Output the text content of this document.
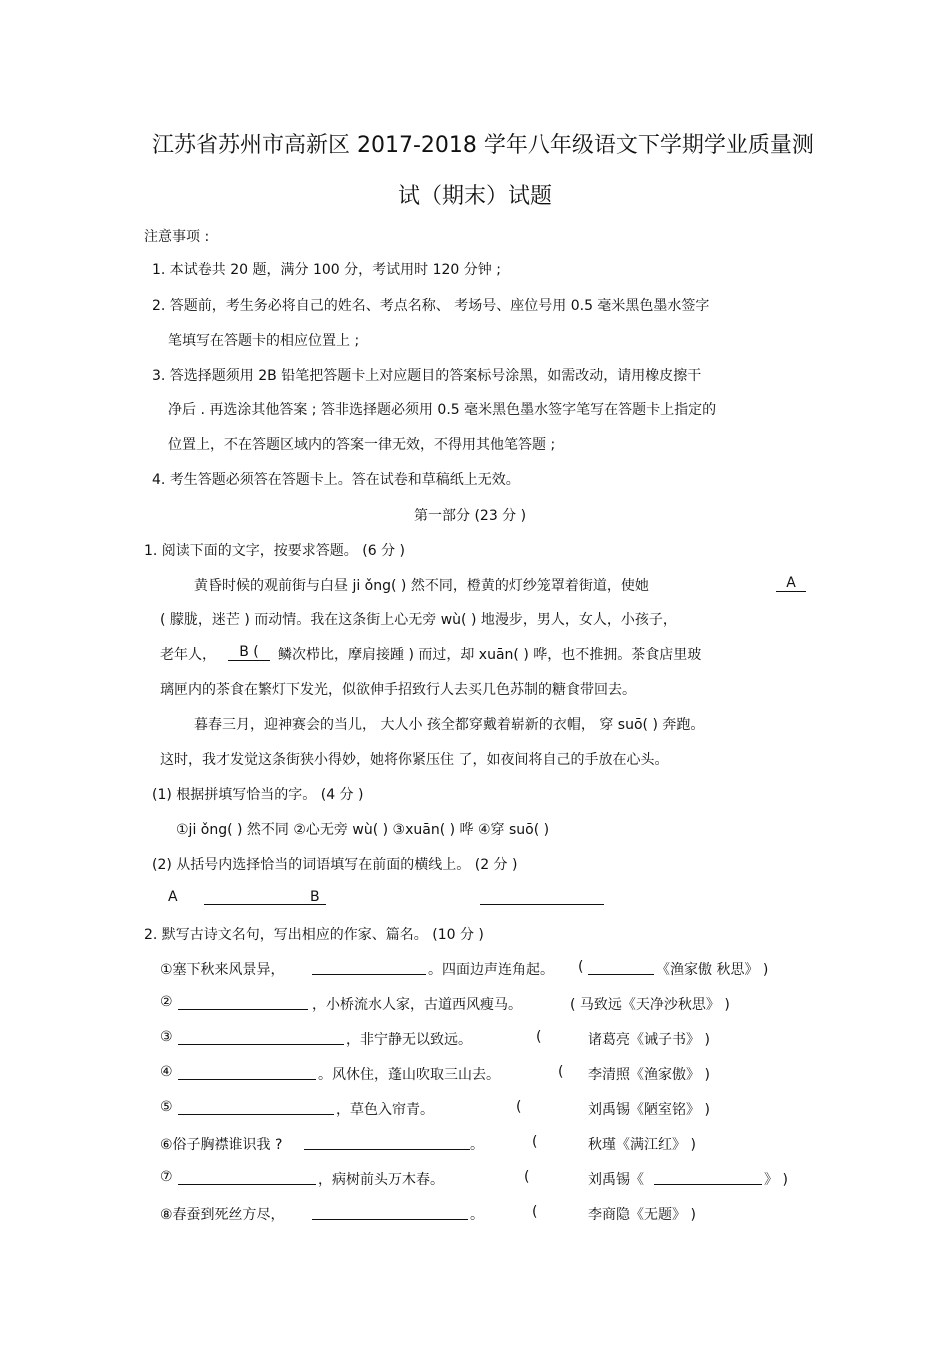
江苏省苏州市高新区 2017-2018 学年八年级语文下学期学业质量测
试（期末）试题
注意事项 :
1. 本试卷共 20 题，满分 100 分，考试用时 120 分钟 ;
2. 答题前，考生务必将自己的姓名、考点名称、 考场号、座位号用 0.5 毫米黑色墨水签字
笔填写在答题卡的相应位置上 ;
3. 答选择题须用 2B 铅笔把答题卡上对应题目的答案标号涂黑，如需改动，请用橡皮擦干
净后 . 再选涂其他答案 ; 答非选择题必须用 0.5 毫米黑色墨水签字笔写在答题卡上指定的
位置上，不在答题区域内的答案一律无效，不得用其他笔答题 ;
4. 考生答题必须答在答题卡上。答在试卷和草稿纸上无效。
第一部分 (23 分 )
1. 阅读下面的文字，按要求答题。 (6 分 )
黄昏时候的观前街与白昼 ji ǒng( ) 然不同，橙黄的灯纱笼罩着街道，使她	A
( 朦胧，迷芒 ) 而动情。我在这条街上心无旁 wù( ) 地漫步，男人，女人，小孩子，
老年人，	B (	鳞次栉比，摩肩接踵 ) 而过，却 xuān( ) 哗，也不推拥。茶食店里玻
璃匣内的茶食在繁灯下发光，似欲伸手招致行人去买几色苏制的糖食带回去。
暮春三月，迎神赛会的当儿， 大人小 孩全都穿戴着崭新的衣帽， 穿 suō( ) 奔跑。
这时，我才发觉这条街狭小得妙，她将你紧压住 了，如夜间将自己的手放在心头。
(1) 根据拼填写恰当的字。 (4 分 )
①ji ǒng( ) 然不同 ②心无旁 wù( ) ③xuān( ) 哗 ④穿 suō( )
(2) 从括号内选择恰当的词语填写在前面的横线上。 (2 分 )
A	B
2. 默写古诗文名句，写出相应的作家、篇名。 (10 分 )
①塞下秋来风景异，	。四面边声连角起。 (	《渔家傲 秋思》 )
②	，小桥流水人家，古道西风瘦马。	( 马致远《天净沙秋思》 )
③	，非宁静无以致远。	(	诸葛亮《诫子书》 )
④	。风休住，蓬山吹取三山去。	( 李清照《渔家傲》 )
⑤	，草色入帘青。	(	刘禹锡《陋室铭》 )
⑥俗子胸襟谁识我 ?	。	(	秋瑾《满江红》 )
⑦	，病树前头万木春。	(	刘禹锡《	》 )
⑧春蚕到死丝方尽，	。	(	李商隐《无题》 )
